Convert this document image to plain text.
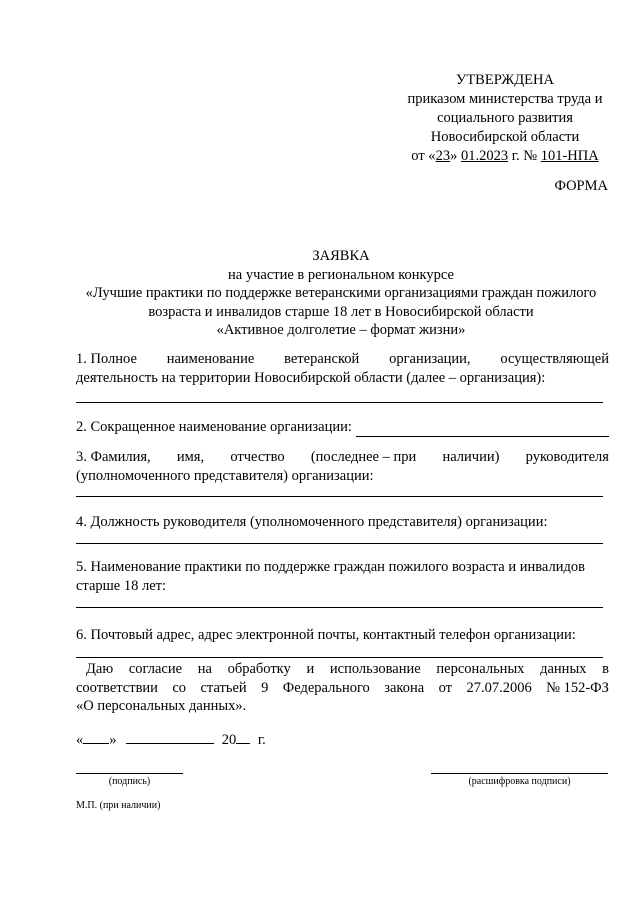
УТВЕРЖДЕНА
приказом министерства труда и
социального развития
Новосибирской области
от «23» 01.2023 г. № 101-НПА
ФОРМА
ЗАЯВКА
на участие в региональном конкурсе
«Лучшие практики по поддержке ветеранскими организациями граждан пожилого
возраста и инвалидов старше 18 лет в Новосибирской области
«Активное долголетие – формат жизни»
1. Полное наименование ветеранской организации, осуществляющей
деятельность на территории Новосибирской области (далее – организация):
2. Сокращенное наименование организации:
3. Фамилия, имя, отчество (последнее – при наличии) руководителя
(уполномоченного представителя) организации:
4. Должность руководителя (уполномоченного представителя) организации:
5. Наименование практики по поддержке граждан пожилого возраста и инвалидов
старше 18 лет:
6. Почтовый адрес, адрес электронной почты, контактный телефон организации:
Даю согласие на обработку и использование персональных данных в
соответствии со статьей 9 Федерального закона от 27.07.2006 № 152-ФЗ
«О персональных данных».
« »	20 г.
(подпись)	(расшифровка подписи)
М.П. (при наличии)
